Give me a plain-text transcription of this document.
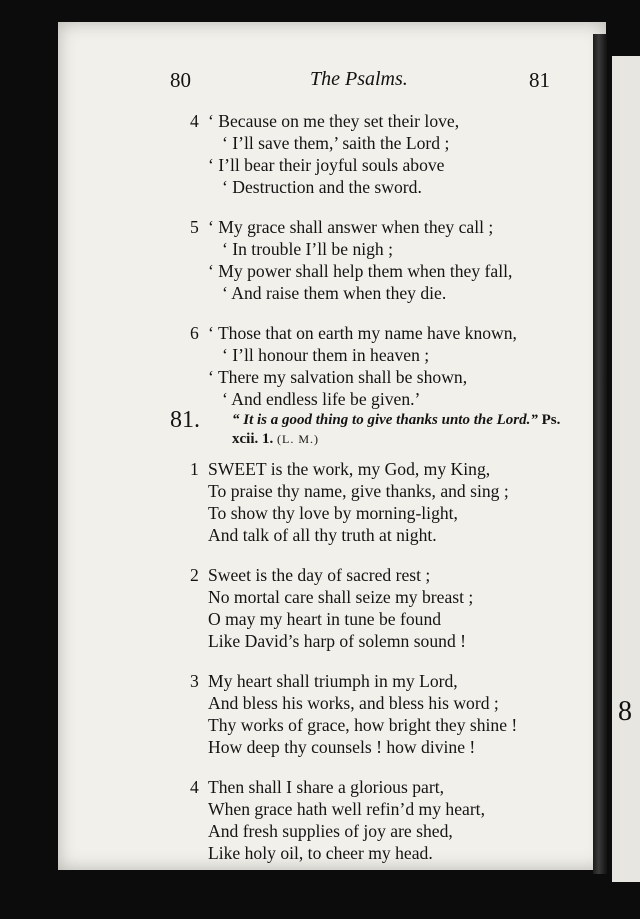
8
80	The Psalms.	81
4 ‘ Because on me they set their love,
‘ I’ll save them,’ saith the Lord ;
‘ I’ll bear their joyful souls above
‘ Destruction and the sword.
5 ‘ My grace shall answer when they call ;
‘ In trouble I’ll be nigh ;
‘ My power shall help them when they fall,
‘ And raise them when they die.
6 ‘ Those that on earth my name have known,
‘ I’ll honour them in heaven ;
‘ There my salvation shall be shown,
‘ And endless life be given.’
81. “ It is a good thing to give thanks unto the Lord.” Ps. xcii. 1. (L. M.)
1 SWEET is the work, my God, my King,
To praise thy name, give thanks, and sing ;
To show thy love by morning-light,
And talk of all thy truth at night.
2 Sweet is the day of sacred rest ;
No mortal care shall seize my breast ;
O may my heart in tune be found
Like David’s harp of solemn sound !
3 My heart shall triumph in my Lord,
And bless his works, and bless his word ;
Thy works of grace, how bright they shine !
How deep thy counsels ! how divine !
4 Then shall I share a glorious part,
When grace hath well refin’d my heart,
And fresh supplies of joy are shed,
Like holy oil, to cheer my head.
